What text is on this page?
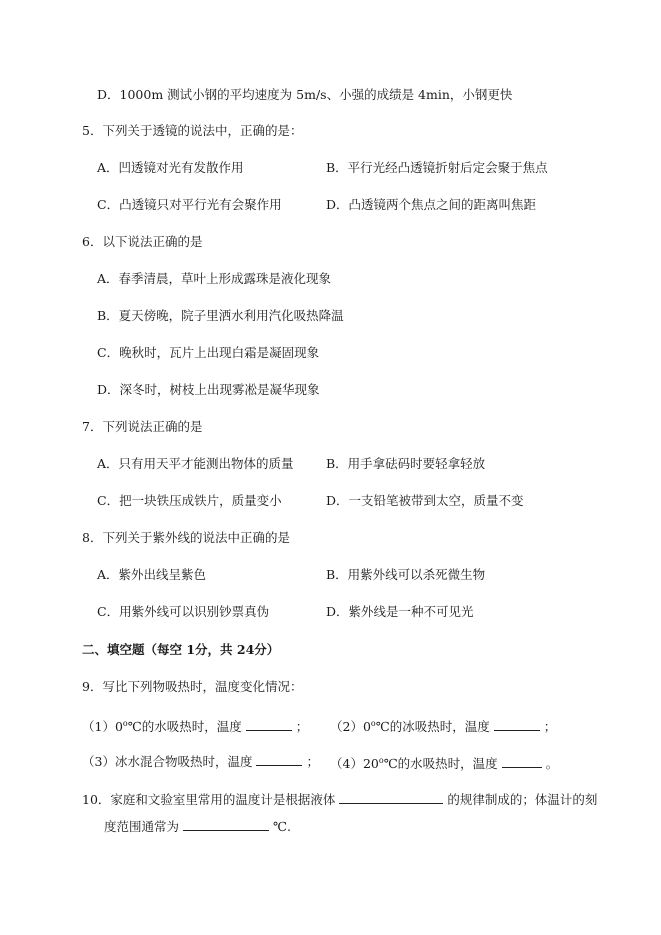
D．1000m 测试小钢的平均速度为 5m/s、小强的成绩是 4min，小钢更快
5．下列关于透镜的说法中，正确的是：
A．凹透镜对光有发散作用	B．平行光经凸透镜折射后定会聚于焦点
C．凸透镜只对平行光有会聚作用	D．凸透镜两个焦点之间的距离叫焦距
6．以下说法正确的是
A．春季清晨，草叶上形成露珠是液化现象
B．夏天傍晚，院子里洒水利用汽化吸热降温
C．晚秋时，瓦片上出现白霜是凝固现象
D．深冬时，树枝上出现雾凇是凝华现象
7．下列说法正确的是
A．只有用天平才能测出物体的质量	B．用手拿砝码时要轻拿轻放
C．把一块铁压成铁片，质量变小	D．一支铅笔被带到太空，质量不变
8．下列关于紫外线的说法中正确的是
A．紫外出线呈紫色	B．用紫外线可以杀死微生物
C．用紫外线可以识别钞票真伪	D．紫外线是一种不可见光
二、填空题（每空 1分，共 24分）
9．写比下列物吸热时，温度变化情况：
（1）0$^o$℃的水吸热时，温度	； （2）0$^o$℃的冰吸热时，温度	；
（3）冰水混合物吸热时，温度	； （4）20$^o$℃的水吸热时，温度	。
10．家庭和文验室里常用的温度计是根据液体	的规律制成的；体温计的刻
度范围通常为	℃.
